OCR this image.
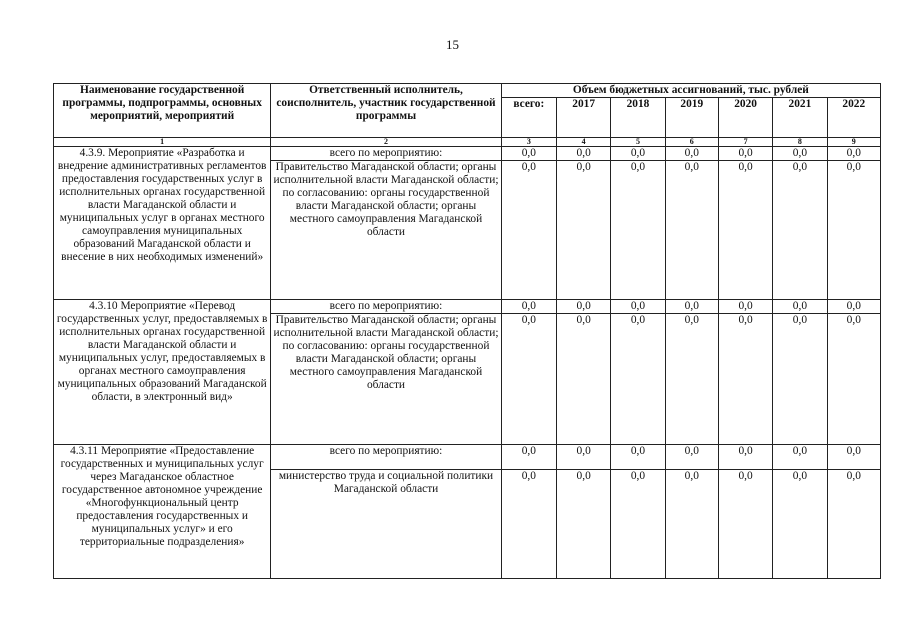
15
Наименование государственной программы, подпрограммы, основных мероприятий, мероприятий	Ответственный исполнитель, соисполнитель, участник государственной программы	Объем бюджетных ассигнований, тыс. рублей						
		всего:	2017	2018	2019	2020	2021	2022
1	2	3	4	5	6	7	8	9
4.3.9. Мероприятие «Разработка и внедрение административных регламентов предоставления государственных услуг в исполнительных органах государственной власти Магаданской области и муниципальных услуг в органах местного самоуправления муниципальных образований Магаданской области и внесение в них необходимых изменений»	всего по мероприятию:	0,0	0,0	0,0	0,0	0,0	0,0	0,0
	Правительство Магаданской области; органы исполнительной власти Магаданской области; по согласованию: органы государственной власти Магаданской области; органы местного самоуправления Магаданской области	0,0	0,0	0,0	0,0	0,0	0,0	0,0
4.3.10 Мероприятие «Перевод государственных услуг, предоставляемых в исполнительных органах государственной власти Магаданской области и муниципальных услуг, предоставляемых в органах местного самоуправления муниципальных образований Магаданской области, в электронный вид»	всего по мероприятию:	0,0	0,0	0,0	0,0	0,0	0,0	0,0
	Правительство Магаданской области; органы исполнительной власти Магаданской области; по согласованию: органы государственной власти Магаданской области; органы местного самоуправления Магаданской области	0,0	0,0	0,0	0,0	0,0	0,0	0,0
4.3.11 Мероприятие «Предоставление государственных и муниципальных услуг через Магаданское областное государственное автономное учреждение «Многофункциональный центр предоставления государственных и муниципальных услуг» и его территориальные подразделения»	всего по мероприятию:	0,0	0,0	0,0	0,0	0,0	0,0	0,0
	министерство труда и социальной политики Магаданской области	0,0	0,0	0,0	0,0	0,0	0,0	0,0
